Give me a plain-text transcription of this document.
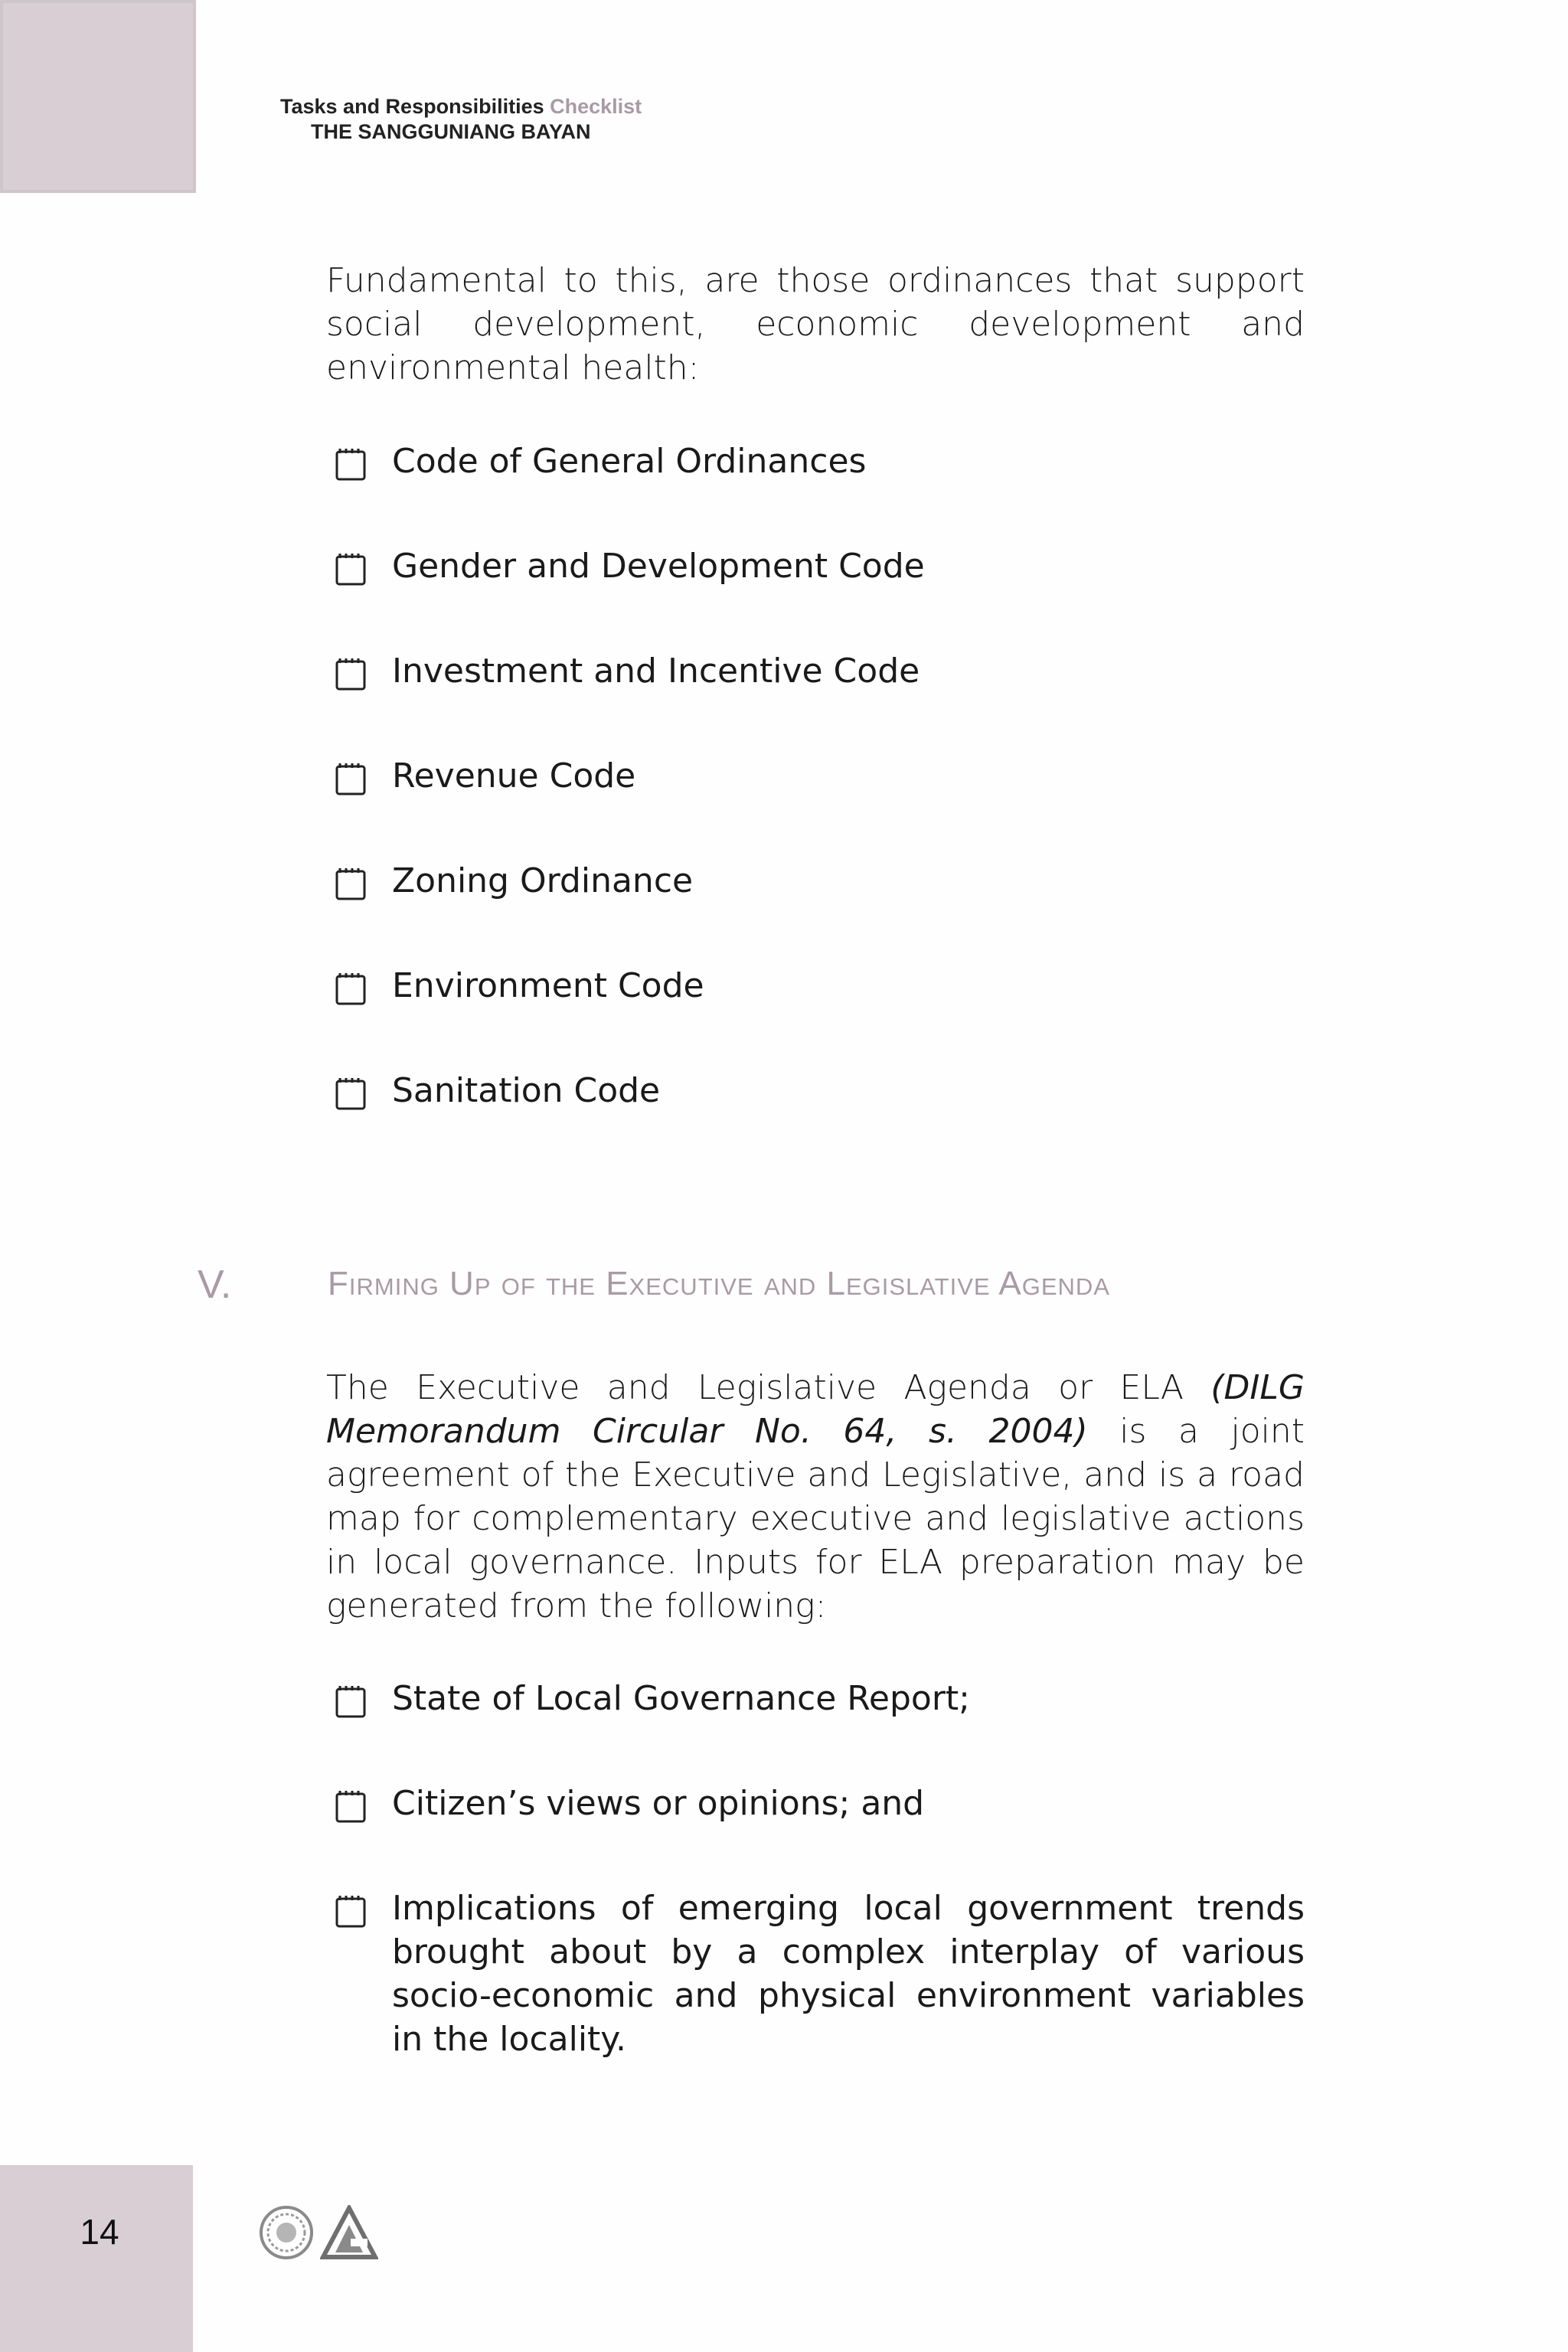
Tasks and Responsibilities Checklist
THE SANGGUNIANG BAYAN
Fundamental to this, are those ordinances that support social development, economic development and environmental health:
Code of General Ordinances
Gender and Development Code
Investment and Incentive Code
Revenue Code
Zoning Ordinance
Environment Code
Sanitation Code
V.	Firming Up of the Executive and Legislative Agenda
The Executive and Legislative Agenda or ELA (DILG Memorandum Circular No. 64, s. 2004) is a joint agreement of the Executive and Legislative, and is a road map for complementary executive and legislative actions in local governance. Inputs for ELA preparation may be generated from the following:
State of Local Governance Report;
Citizen’s views or opinions; and
Implications of emerging local government trends brought about by a complex interplay of various socio-economic and physical environment variables in the locality.
14
